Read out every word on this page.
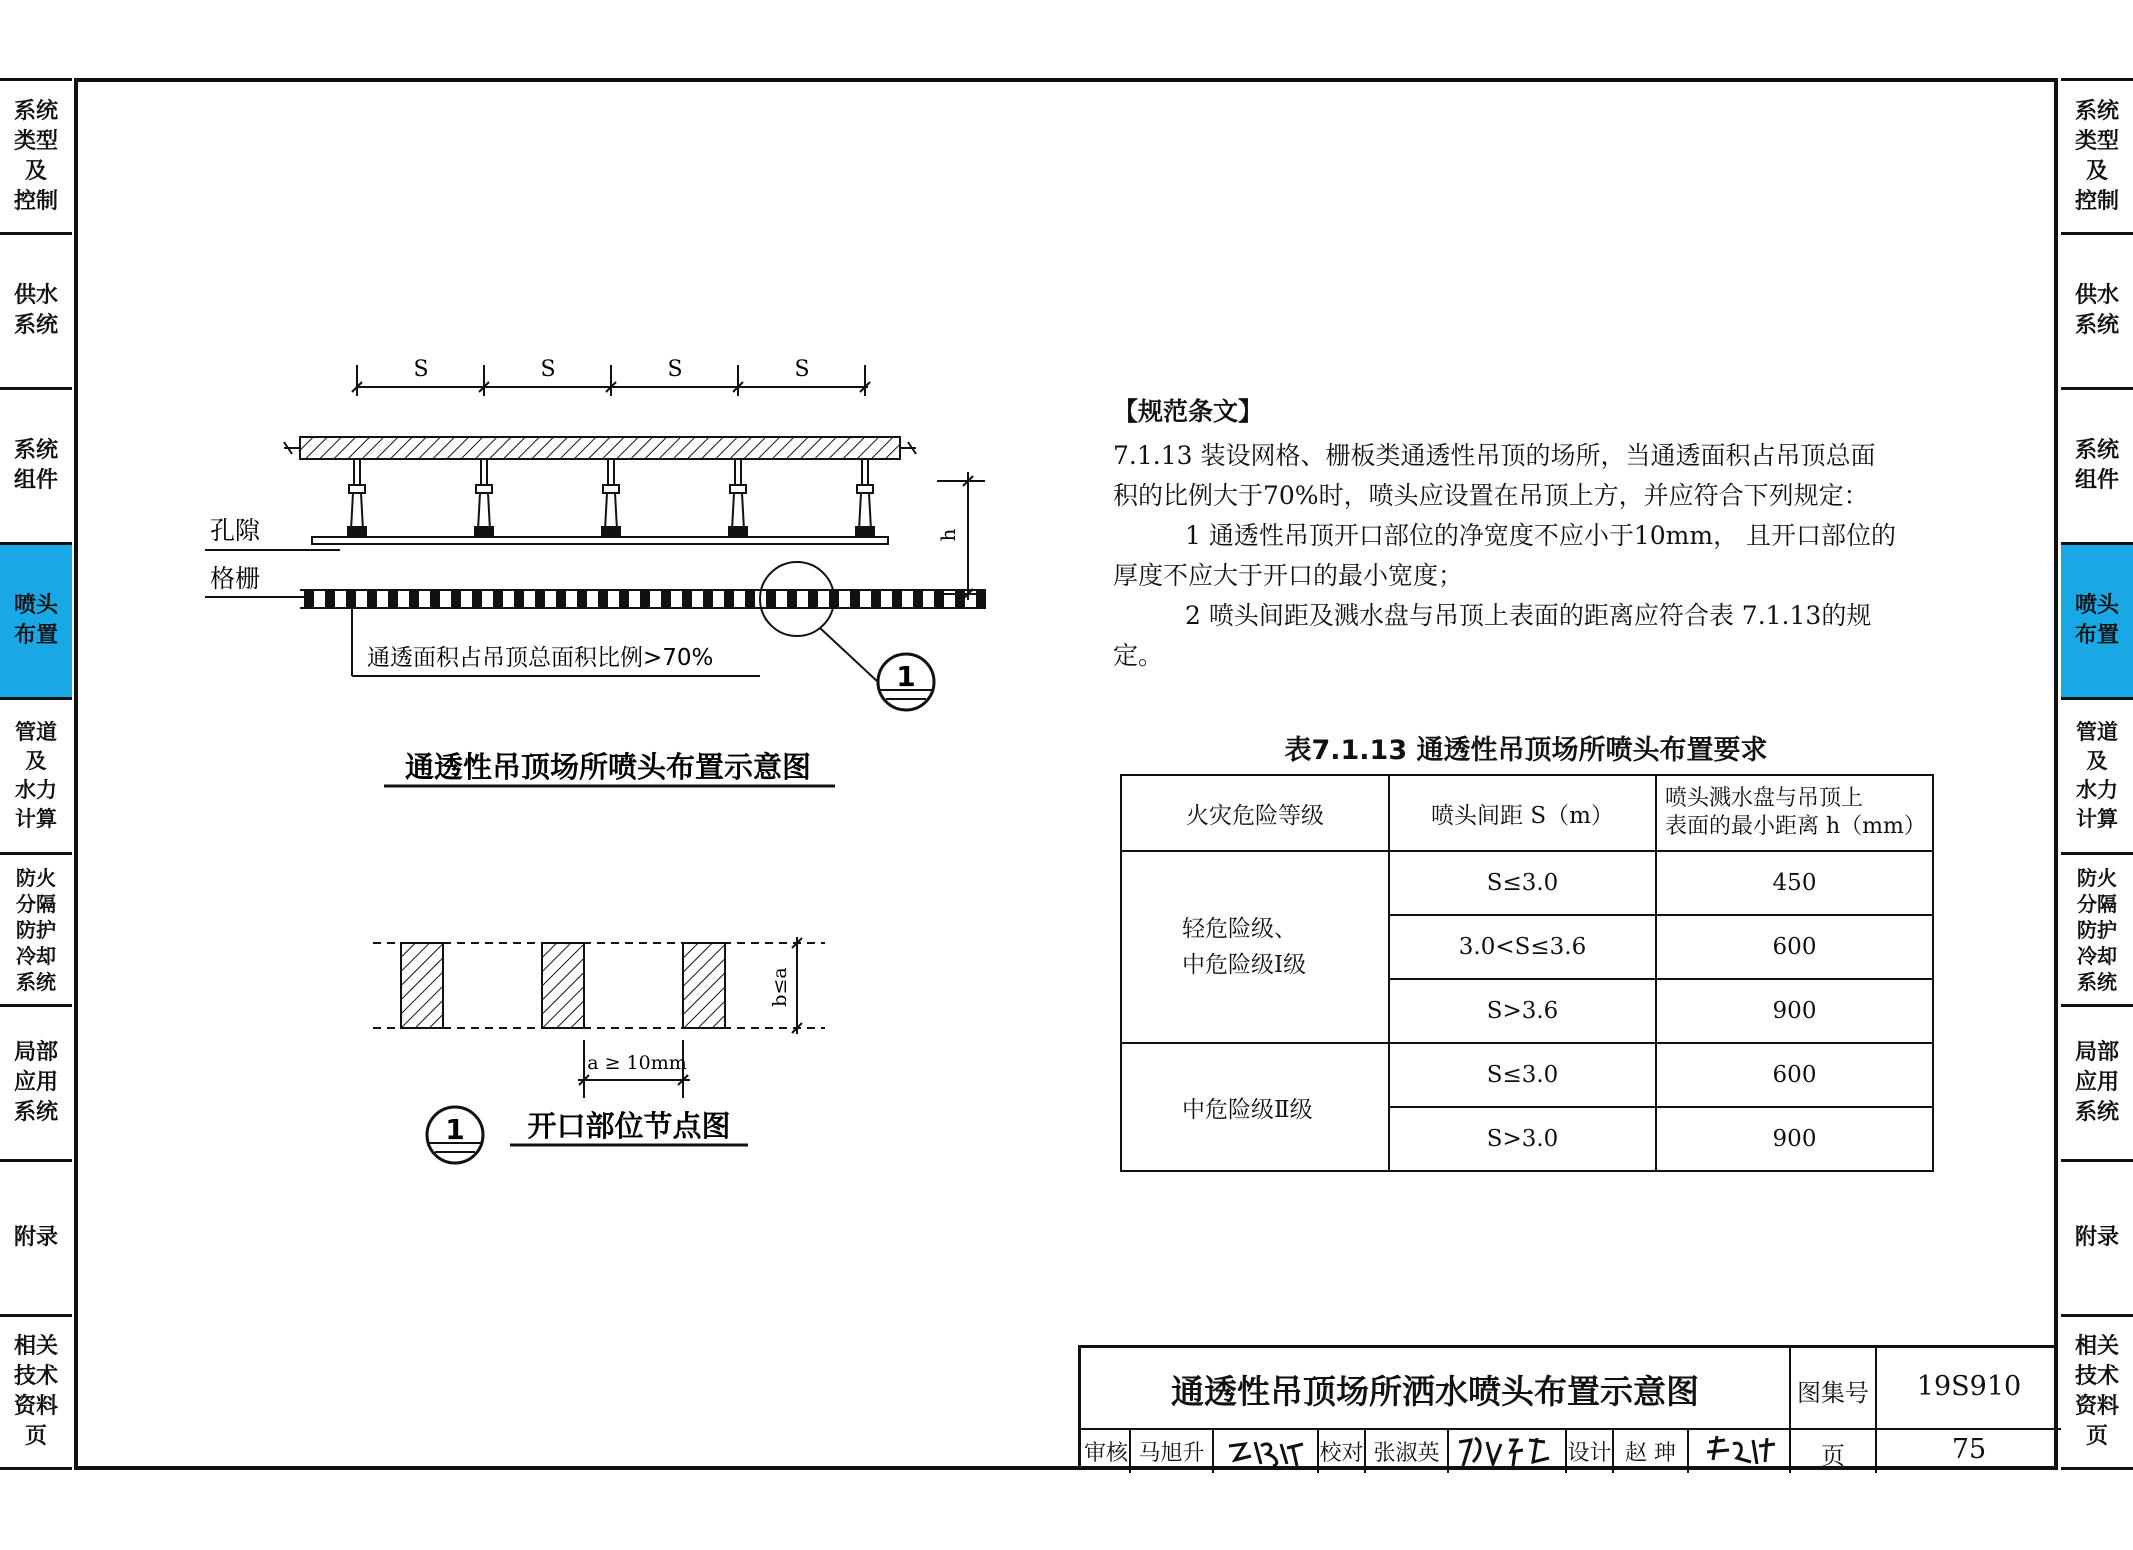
系统
类型
及
控制
供水
系统
系统
组件
喷头
布置
管道
及
水力
计算
防火
分隔
防护
冷却
系统
局部
应用
系统
附录
相关
技术
资料
页
系统
类型
及
控制
供水
系统
系统
组件
喷头
布置
管道
及
水力
计算
防火
分隔
防护
冷却
系统
局部
应用
系统
附录
相关
技术
资料
页
S	S	S	S
h
孔隙
格栅
通透面积占吊顶总面积比例>70%
1
通透性吊顶场所喷头布置示意图
b≤a
a ≥ 10mm
1 开口部位节点图
【规范条文】
7.1.13 装设网格、栅板类通透性吊顶的场所，当通透面积占吊顶总面
积的比例大于70%时，喷头应设置在吊顶上方，并应符合下列规定：
1 通透性吊顶开口部位的净宽度不应小于10mm， 且开口部位的
厚度不应大于开口的最小宽度；
2 喷头间距及溅水盘与吊顶上表面的距离应符合表 7.1.13的规
定。
表7.1.13 通透性吊顶场所喷头布置要求
火灾危险等级	喷头间距 S（m）	喷头溅水盘与吊顶上
表面的最小距离 h（mm）
轻危险级、
中危险级Ⅰ级	S≤3.0	450
	3.0<S≤3.6	600
	S>3.6	900
中危险级Ⅱ级	S≤3.0	600
	S>3.0	900
通透性吊顶场所洒水喷头布置示意图	图集号	19S910
审核 马旭升	校对 张淑英	设计 赵 珅	页	75
